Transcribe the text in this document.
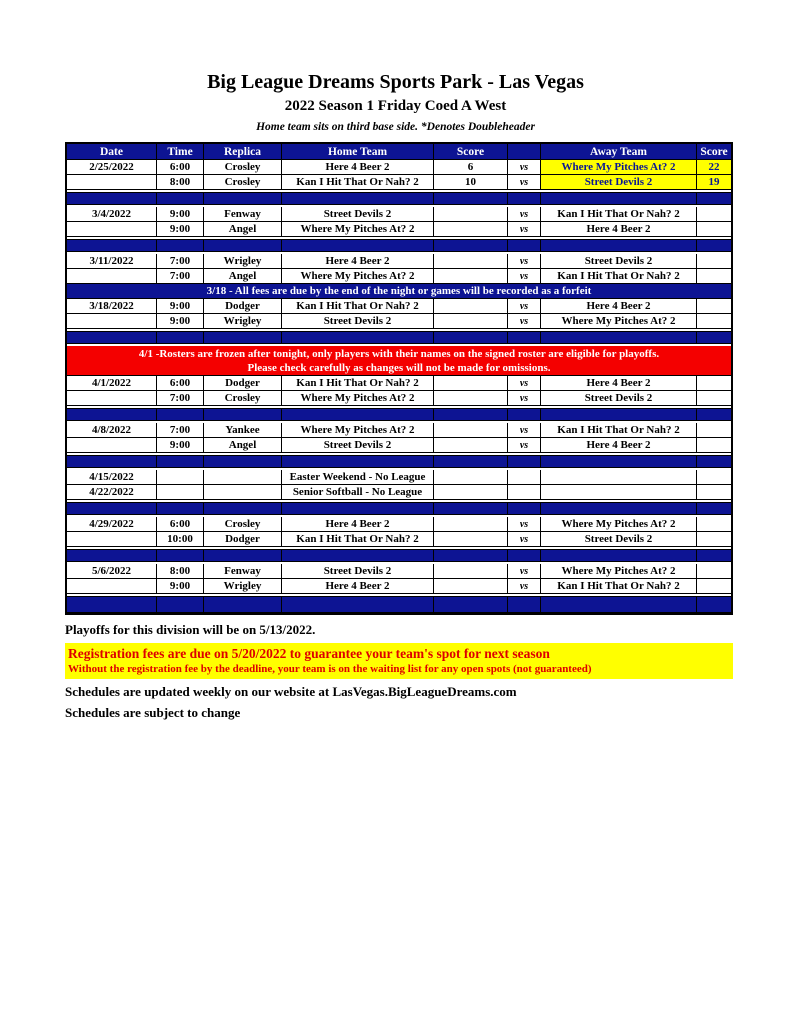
Big League Dreams Sports Park - Las Vegas
2022 Season 1 Friday Coed A West
Home team sits on third base side. *Denotes Doubleheader
Date	Time	Replica	Home Team	Score	Away Team	Score
2/25/2022	6:00	Crosley	Here 4 Beer 2	6	vs	Where My Pitches At? 2	22
8:00	Crosley	Kan I Hit That Or Nah? 2	10	vs	Street Devils 2	19
3/4/2022	9:00	Fenway	Street Devils 2	vs	Kan I Hit That Or Nah? 2
9:00	Angel	Where My Pitches At? 2	vs	Here 4 Beer 2
3/11/2022	7:00	Wrigley	Here 4 Beer 2	vs	Street Devils 2
7:00	Angel	Where My Pitches At? 2	vs	Kan I Hit That Or Nah? 2
3/18 - All fees are due by the end of the night or games will be recorded as a forfeit
3/18/2022	9:00	Dodger	Kan I Hit That Or Nah? 2	vs	Here 4 Beer 2
9:00	Wrigley	Street Devils 2	vs	Where My Pitches At? 2
4/1 -Rosters are frozen after tonight, only players with their names on the signed roster are eligible for playoffs.
Please check carefully as changes will not be made for omissions.
4/1/2022	6:00	Dodger	Kan I Hit That Or Nah? 2	vs	Here 4 Beer 2
7:00	Crosley	Where My Pitches At? 2	vs	Street Devils 2
4/8/2022	7:00	Yankee	Where My Pitches At? 2	vs	Kan I Hit That Or Nah? 2
9:00	Angel	Street Devils 2	vs	Here 4 Beer 2
4/15/2022	Easter Weekend - No League
4/22/2022	Senior Softball - No League
4/29/2022	6:00	Crosley	Here 4 Beer 2	vs	Where My Pitches At? 2
10:00	Dodger	Kan I Hit That Or Nah? 2	vs	Street Devils 2
5/6/2022	8:00	Fenway	Street Devils 2	vs	Where My Pitches At? 2
9:00	Wrigley	Here 4 Beer 2	vs	Kan I Hit That Or Nah? 2
Playoffs for this division will be on 5/13/2022.
Registration fees are due on 5/20/2022 to guarantee your team's spot for next season
Without the registration fee by the deadline, your team is on the waiting list for any open spots (not guaranteed)
Schedules are updated weekly on our website at LasVegas.BigLeagueDreams.com
Schedules are subject to change
